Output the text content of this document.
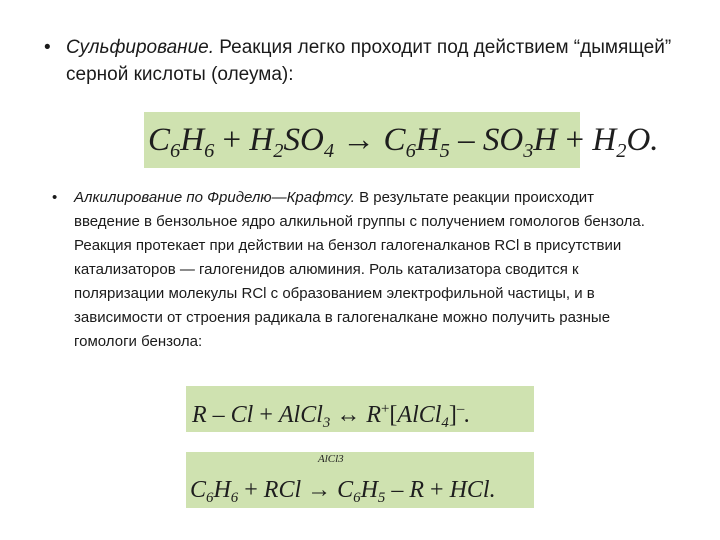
• Сульфирование. Реакция легко проходит под действием “дымящей” серной кислоты (олеума):
$C_6H_6 + H_2SO_4 \to C_6H_5 - SO_3H + H_2O$.
•	Алкилирование по Фриделю—Крафтсу. В результате реакции происходит введение в бензольное ядро алкильной группы с получением гомологов бензола. Реакция протекает при действии на бензол галогеналканов RCl в присутствии катализаторов — галогенидов алюминия. Роль катализатора сводится к поляризации молекулы RCl с образованием электрофильной частицы, и в зависимости от строения радикала в галогеналкане можно получить разные гомологи бензола:
R – Cl + AlCl$_3$ ↔ R+[AlCl$_4$]–.
AlCl3
$C_6H_6$ + RCl → $C_6H_5$ – R + HCl.
